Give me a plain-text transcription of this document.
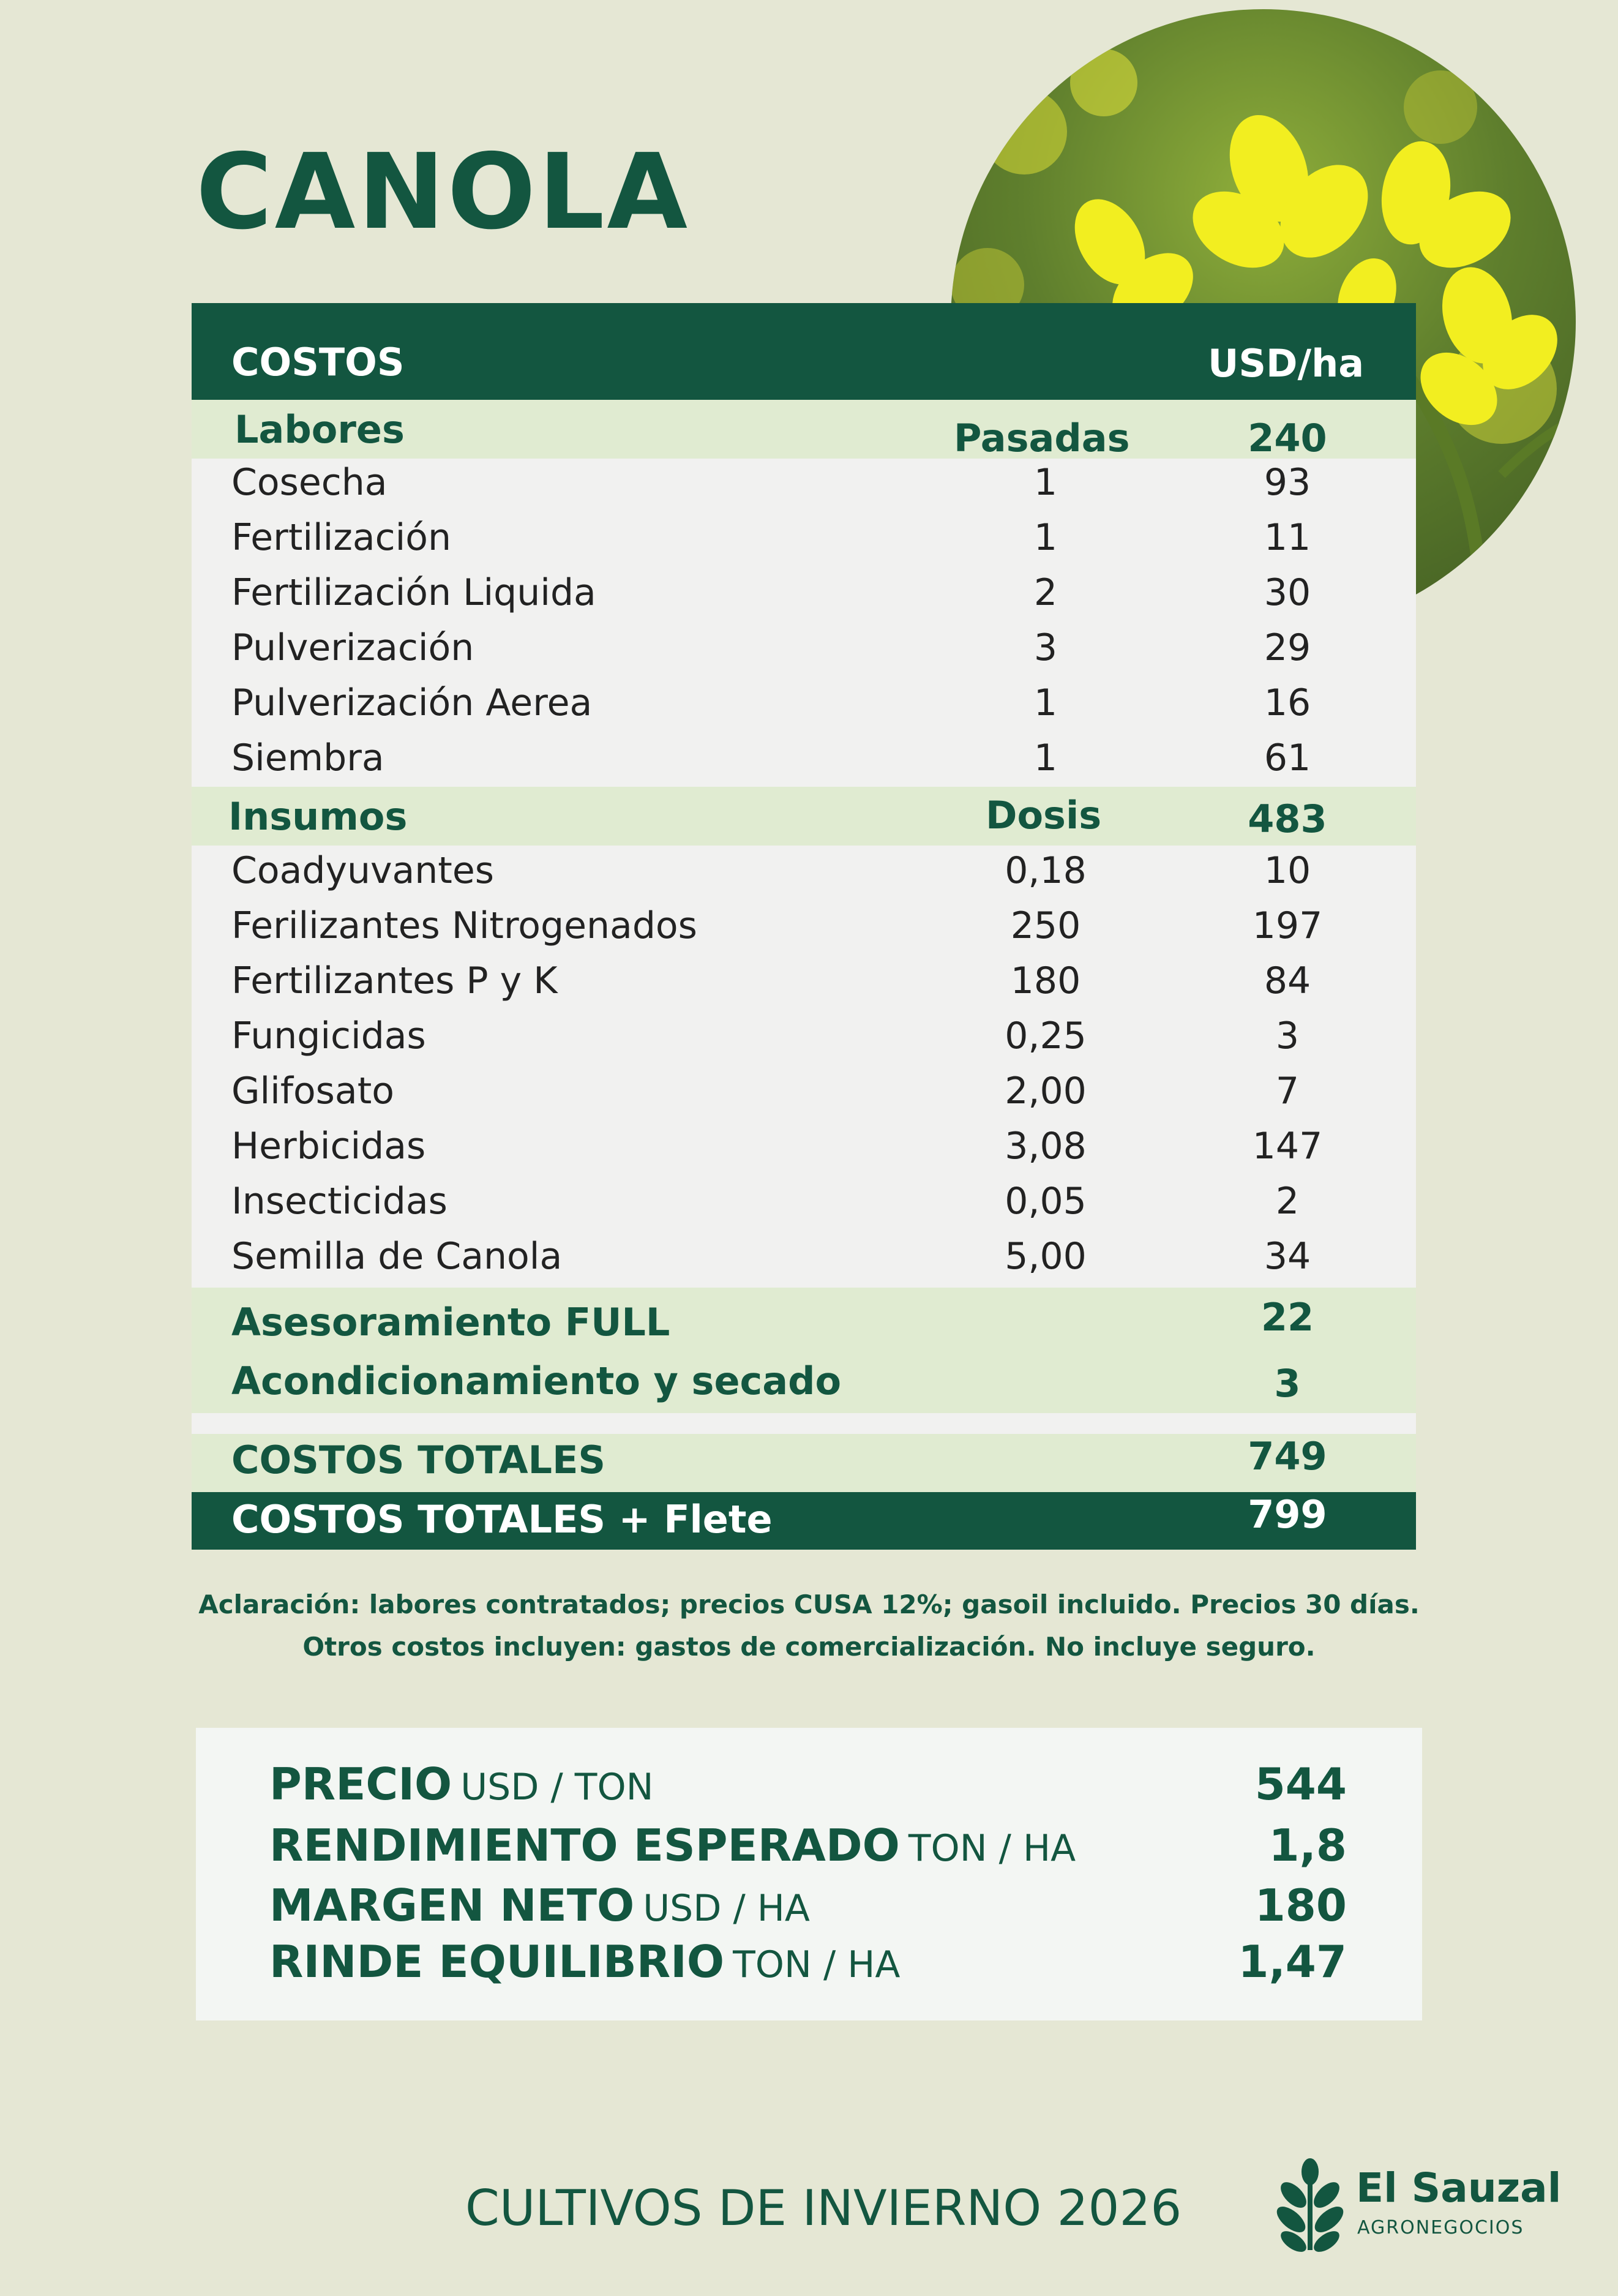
CANOLA
COSTOS	USD/ha
Labores	Pasadas	240
Cosecha	1	93
Fertilización	1	11
Fertilización Liquida	2	30
Pulverización	3	29
Pulverización Aerea	1	16
Siembra	1	61
Insumos	Dosis	483
Coadyuvantes	0,18	10
Ferilizantes Nitrogenados	250	197
Fertilizantes P y K	180	84
Fungicidas	0,25	3
Glifosato	2,00	7
Herbicidas	3,08	147
Insecticidas	0,05	2
Semilla de Canola	5,00	34
Asesoramiento FULL	22
Acondicionamiento y secado	3
COSTOS TOTALES	749
COSTOS TOTALES + Flete	799
Aclaración: labores contratados; precios CUSA 12%; gasoil incluido. Precios 30 días.
Otros costos incluyen: gastos de comercialización. No incluye seguro.
PRECIO USD / TON	544
RENDIMIENTO ESPERADO TON / HA	1,8
MARGEN NETO USD / HA	180
RINDE EQUILIBRIO TON / HA	1,47
CULTIVOS DE INVIERNO 2026	El Sauzal
AGRONEGOCIOS
